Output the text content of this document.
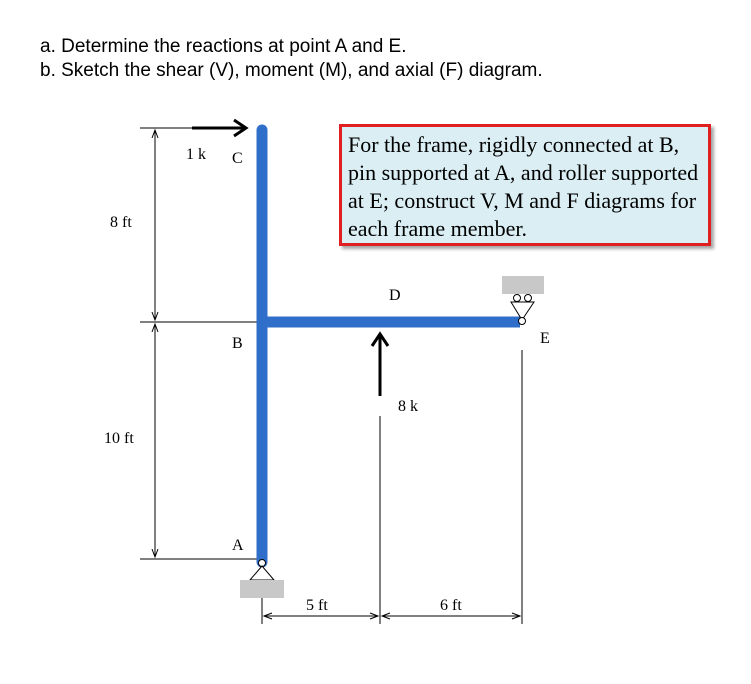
a. Determine the reactions at point A and E.
b. Sketch the shear (V), moment (M), and axial (F) diagram.
1 k C
B
A
D
E
8 k
8 ft
10 ft
5 ft	6 ft
For the frame, rigidly connected at B, pin supported at A, and roller supported at E; construct V, M and F diagrams for each frame member.
